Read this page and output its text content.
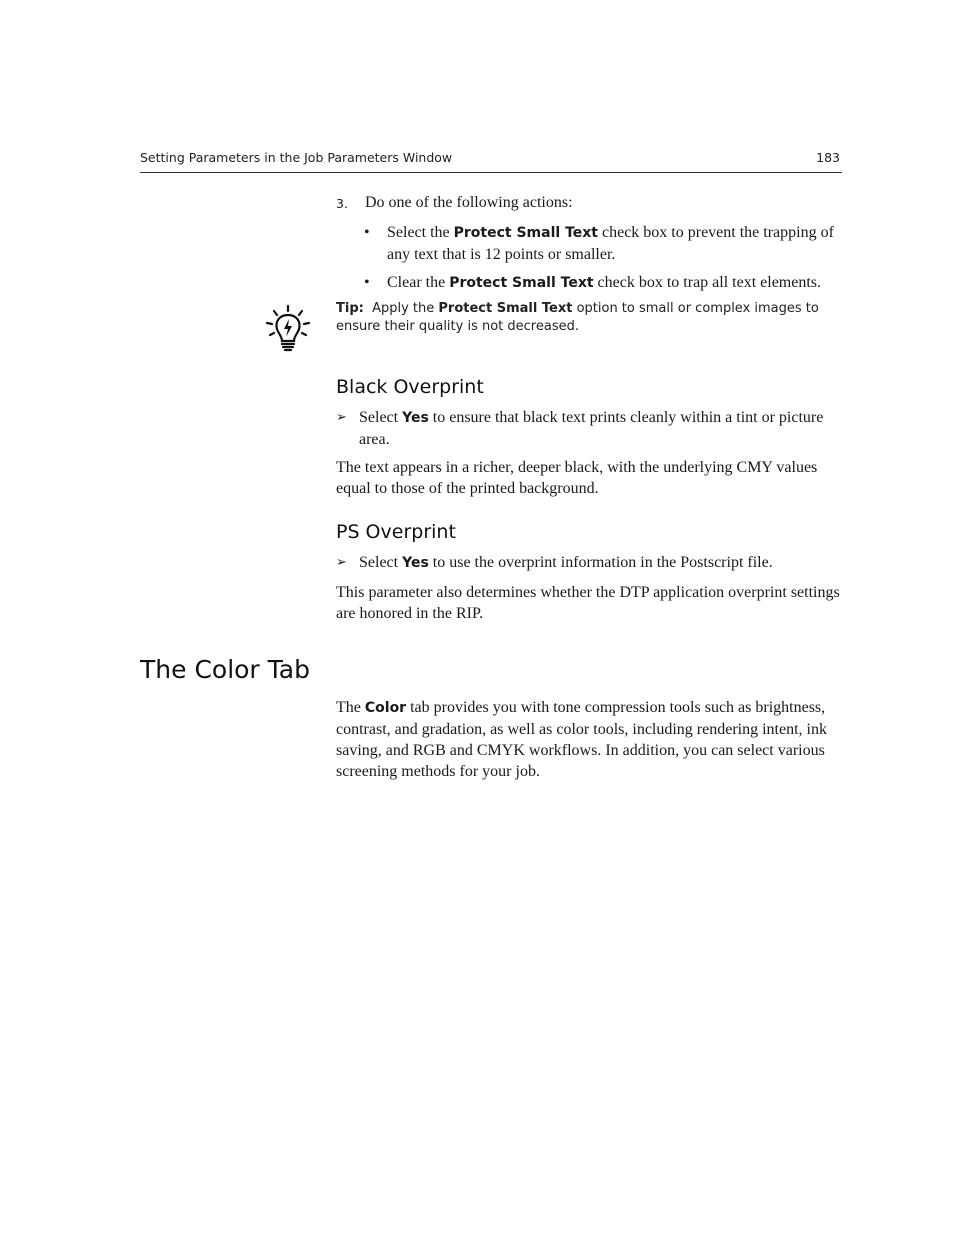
Setting Parameters in the Job Parameters Window	183
3. Do one of the following actions:
• Select the Protect Small Text check box to prevent the trapping of any text that is 12 points or smaller.
• Clear the Protect Small Text check box to trap all text elements.
Tip:  Apply the Protect Small Text option to small or complex images to ensure their quality is not decreased.
Black Overprint
➢ Select Yes to ensure that black text prints cleanly within a tint or picture area.
The text appears in a richer, deeper black, with the underlying CMY values equal to those of the printed background.
PS Overprint
➢ Select Yes to use the overprint information in the Postscript file.
This parameter also determines whether the DTP application overprint settings are honored in the RIP.
The Color Tab
The Color tab provides you with tone compression tools such as brightness, contrast, and gradation, as well as color tools, including rendering intent, ink saving, and RGB and CMYK workflows. In addition, you can select various screening methods for your job.
